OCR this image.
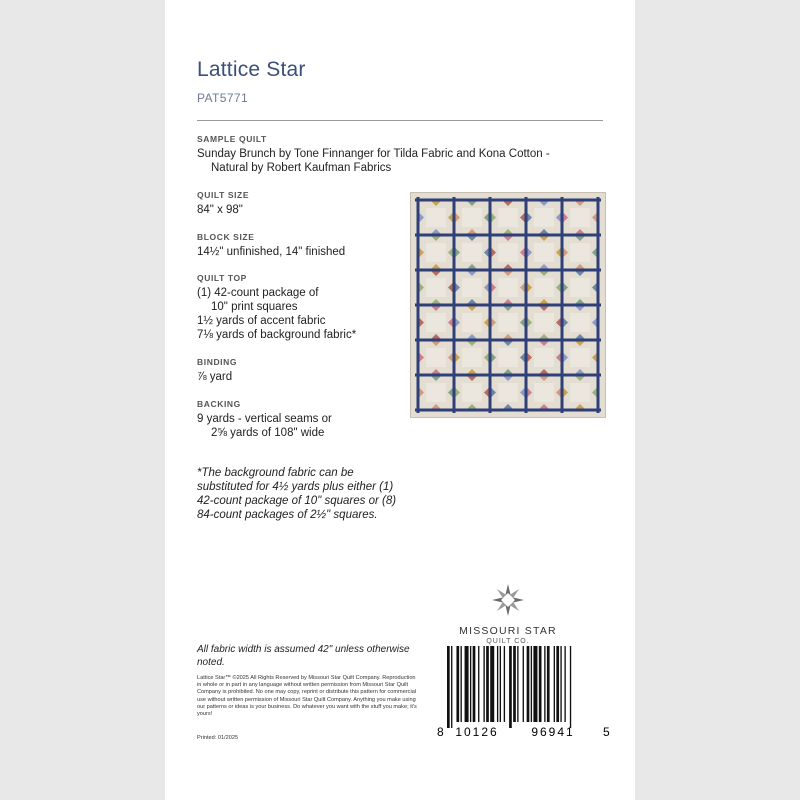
Lattice Star
PAT5771
SAMPLE QUILT
Sunday Brunch by Tone Finnanger for Tilda Fabric and Kona Cotton -
Natural by Robert Kaufman Fabrics
QUILT SIZE
84" x 98"
BLOCK SIZE
14½" unfinished, 14" finished
QUILT TOP
(1) 42-count package of
10" print squares
1½ yards of accent fabric
7⅛ yards of background fabric*
BINDING
⅞ yard
BACKING
9 yards - vertical seams or
2⅝ yards of 108" wide
*The background fabric can be substituted for 4½ yards plus either (1) 42-count package of 10" squares or (8) 84-count packages of 2½" squares.
MISSOURI STAR
QUILT CO.
All fabric width is assumed 42" unless otherwise noted.
Lattice Star™ ©2025 All Rights Reserved by Missouri Star Quilt Company. Reproduction in whole or in part in any language without written permission from Missouri Star Quilt Company is prohibited. No one may copy, reprint or distribute this pattern for commercial use without written permission of Missouri Star Quilt Company. Anything you make using our patterns or ideas is your business. Do whatever you want with the stuff you make; it's yours!
Printed: 01/2025	8 10126	96941 5
